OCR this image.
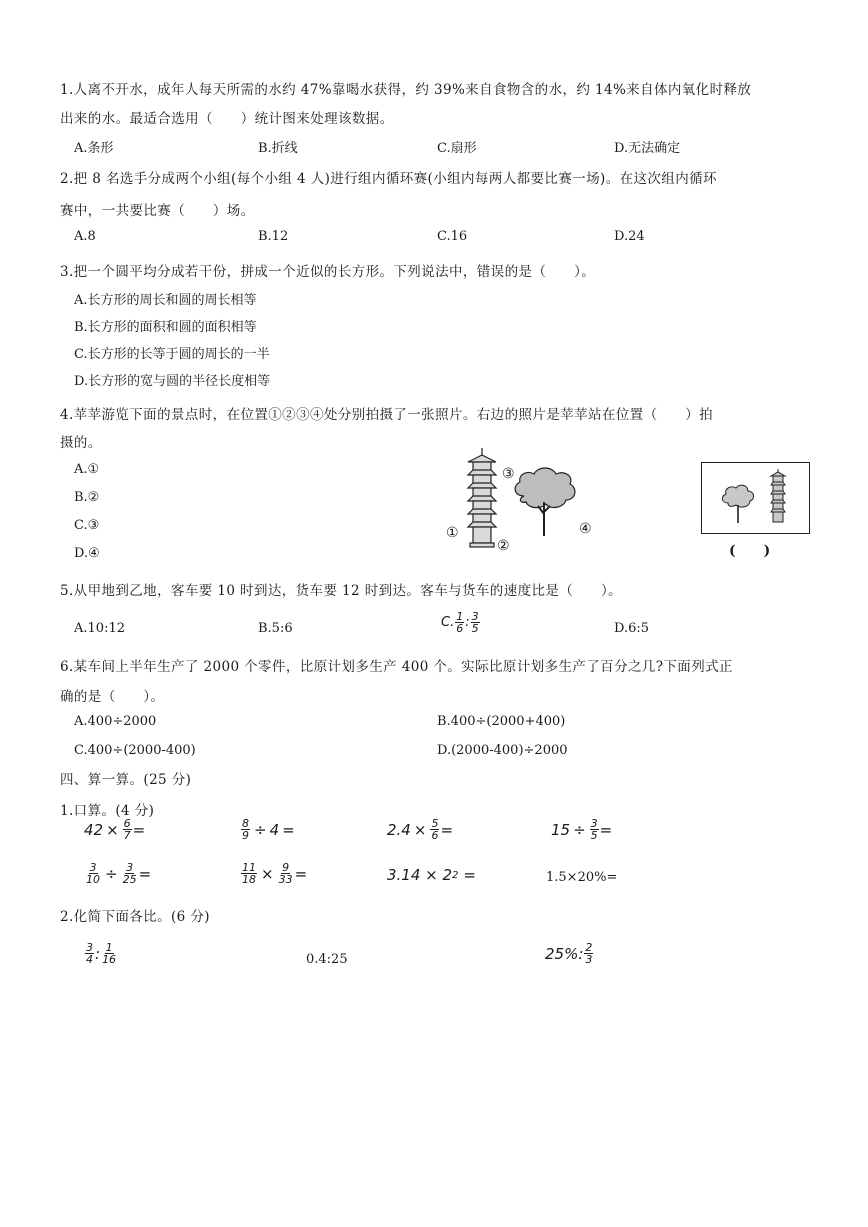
1.人离不开水，成年人每天所需的水约 47%靠喝水获得，约 39%来自食物含的水，约 14%来自体内氧化时释放
出来的水。最适合选用（　　）统计图来处理该数据。
A.条形	B.折线	C.扇形	D.无法确定
2.把 8 名选手分成两个小组(每个小组 4 人)进行组内循环赛(小组内每两人都要比赛一场)。在这次组内循环
赛中，一共要比赛（　　）场。
A.8	B.12	C.16	D.24
3.把一个圆平均分成若干份，拼成一个近似的长方形。下列说法中，错误的是（　　）。
A.长方形的周长和圆的周长相等
B.长方形的面积和圆的面积相等
C.长方形的长等于圆的周长的一半
D.长方形的宽与圆的半径长度相等
4.苹苹游览下面的景点时，在位置①②③④处分别拍摄了一张照片。右边的照片是苹苹站在位置（　　）拍
摄的。
A.①
B.②
C.③
D.④
③
①
②
④
(　　)
5.从甲地到乙地，客车要 10 时到达，货车要 12 时到达。客车与货车的速度比是（　　）。
A.10:12	B.5:6	C. $\frac{1}{6}$ : $\frac{3}{5}$	D.6:5
6.某车间上半年生产了 2000 个零件，比原计划多生产 400 个。实际比原计划多生产了百分之几?下面列式正
确的是（　　）。
A.400÷2000	B.400÷(2000+400)
C.400÷(2000-400)	D.(2000-400)÷2000
四、算一算。(25 分)
1.口算。(4 分)
$42 \times \frac{6}{7}$ =	$\frac{8}{9} \div 4$ =	$2.4 \times \frac{5}{6}$ =	$15 \div \frac{3}{5}$ =
$\frac{3}{10} \div \frac{3}{25}$ =	$\frac{11}{18} \times \frac{9}{33}$ =	3.14 × 2 2 =	1.5×20%=
2.化简下面各比。(6 分)
$\frac{3}{4}$ : $\frac{1}{16}$	0.4:25	25% : $\frac{2}{3}$
